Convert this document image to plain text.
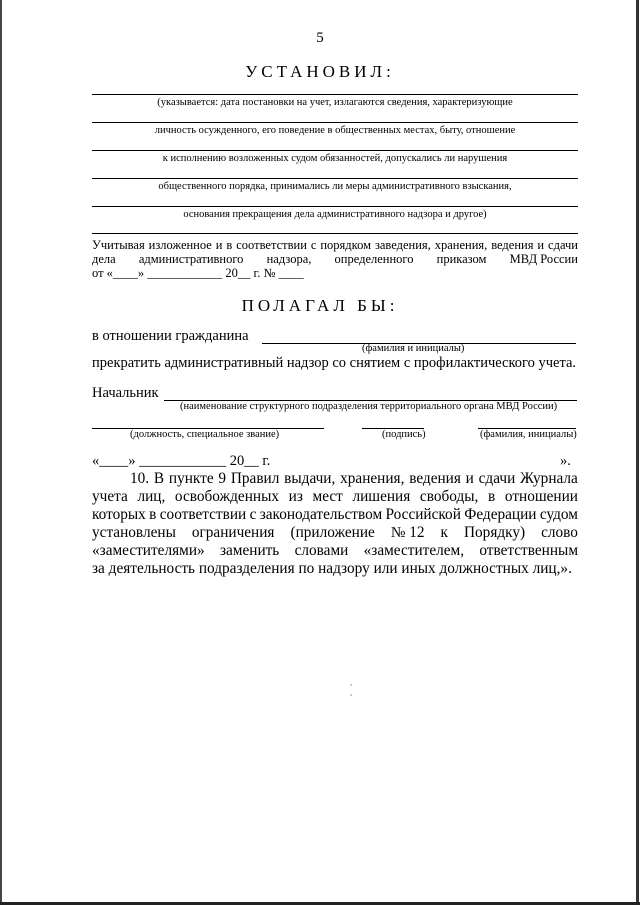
5
УСТАНОВИЛ:
(указывается: дата постановки на учет, излагаются сведения, характеризующие
личность осужденного, его поведение в общественных местах, быту, отношение
к исполнению возложенных судом обязанностей, допускались ли нарушения
общественного порядка, принимались ли меры административного взыскания,
основания прекращения дела административного надзора и другое)
Учитывая изложенное и в соответствии с порядком заведения, хранения, ведения и сдачи
дела административного надзора, определенного приказом МВД России
от «____» ____________ 20__ г. № ____
ПОЛАГАЛ БЫ:
в отношении гражданина
(фамилия и инициалы)
прекратить административный надзор со снятием с профилактического учета.
Начальник
(наименование структурного подразделения территориального органа МВД России)
(должность, специальное звание)	(подпись)	(фамилия, инициалы)
«____» ____________ 20__ г.	».
10. В пункте 9 Правил выдачи, хранения, ведения и сдачи Журнала
учета лиц, освобожденных из мест лишения свободы, в отношении
которых в соответствии с законодательством Российской Федерации судом
установлены ограничения (приложение № 12 к Порядку) слово
«заместителями» заменить словами «заместителем, ответственным
за деятельность подразделения по надзору или иных должностных лиц,».
